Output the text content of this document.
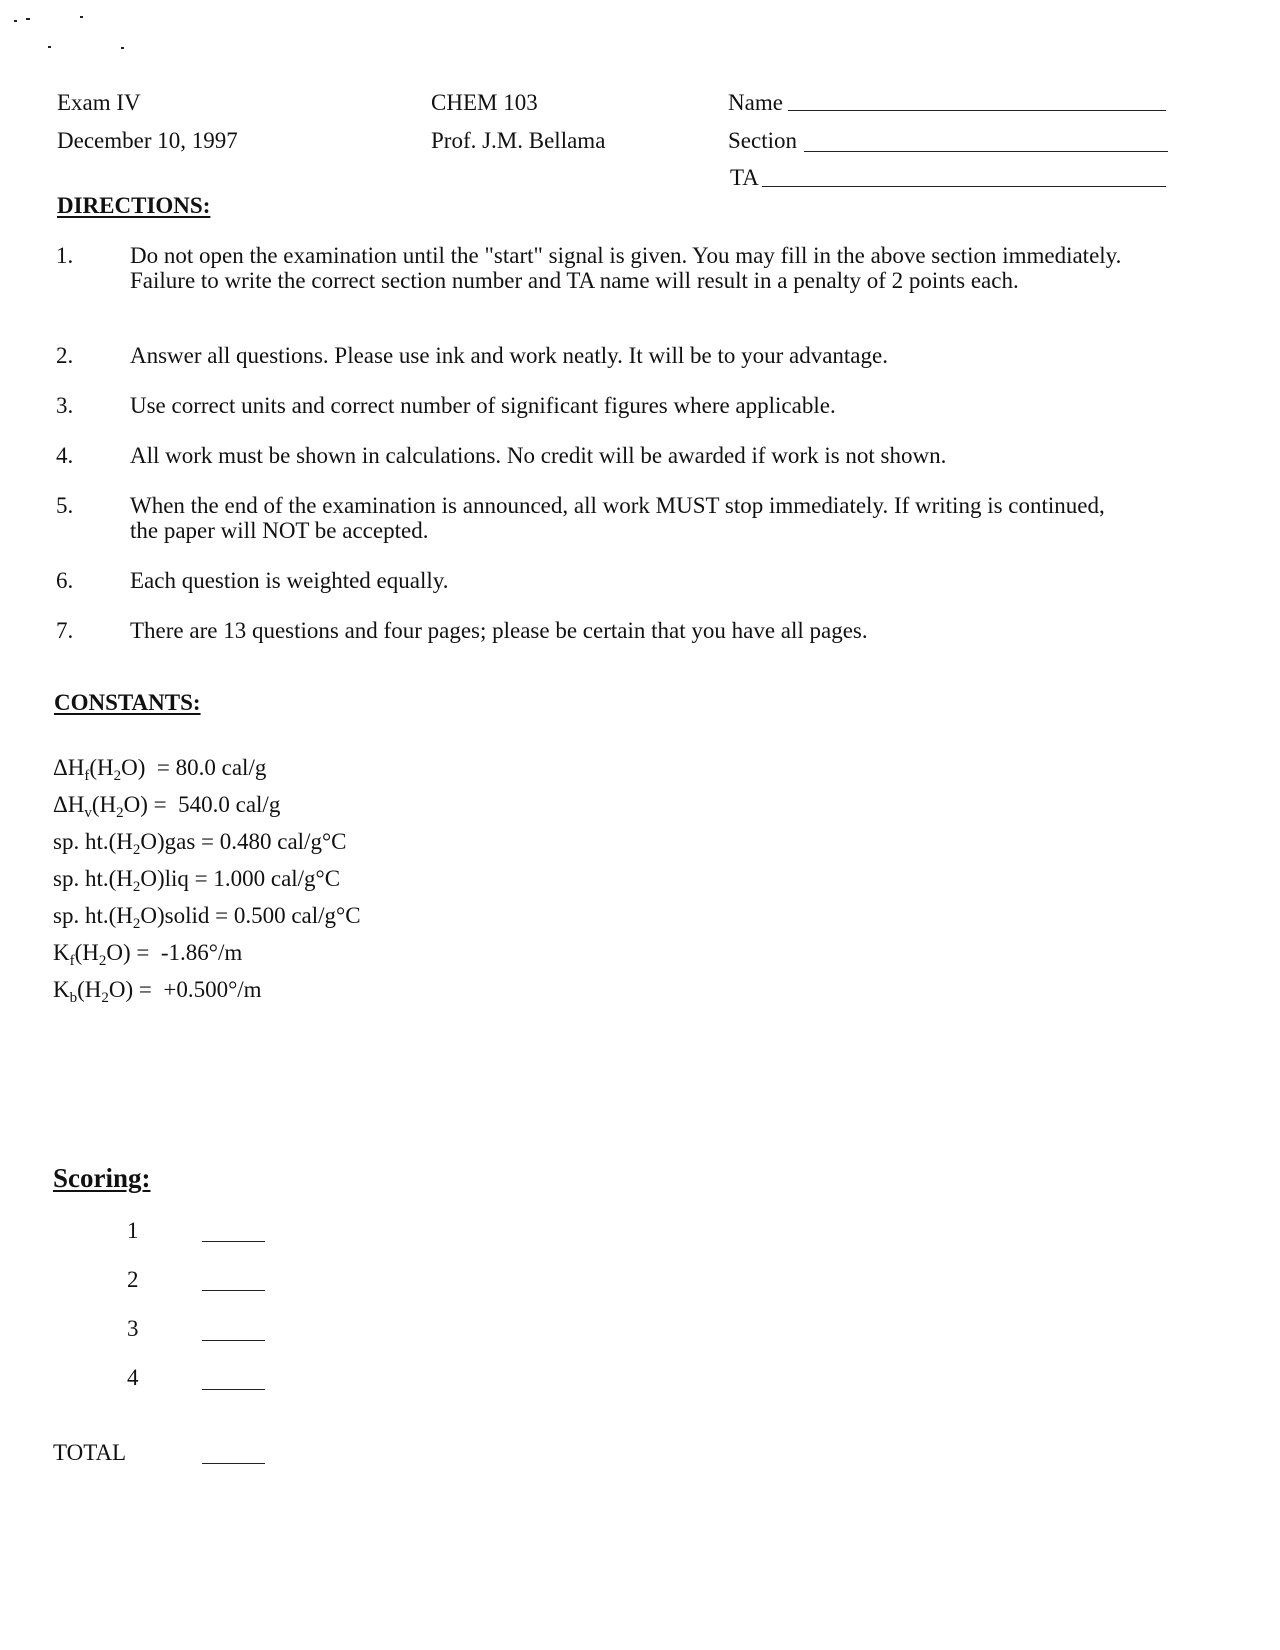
Exam IV
December 10, 1997
CHEM 103
Prof. J.M. Bellama
Name
Section
TA
DIRECTIONS:
1. Do not open the examination until the "start" signal is given. You may fill in the above section immediately. Failure to write the correct section number and TA name will result in a penalty of 2 points each.
2. Answer all questions. Please use ink and work neatly. It will be to your advantage.
3. Use correct units and correct number of significant figures where applicable.
4. All work must be shown in calculations. No credit will be awarded if work is not shown.
5. When the end of the examination is announced, all work MUST stop immediately. If writing is continued, the paper will NOT be accepted.
6. Each question is weighted equally.
7. There are 13 questions and four pages; please be certain that you have all pages.
CONSTANTS:
$\Delta H_f(H_2O) = 80.0$ cal/g
$\Delta H_v(H_2O) = 540.0$ cal/g
sp. $ht.(H_2O)gas = 0.480$ cal/g°C
sp. $ht.(H_2O)liq = 1.000$ cal/g°C
sp. $ht.(H_2O)solid = 0.500$ cal/g°C
$K_f(H_2O) = -1.86^\circ/m$
$K_b(H_2O) = +0.500^\circ/m$
Scoring:
1
2
3
4
TOTAL
